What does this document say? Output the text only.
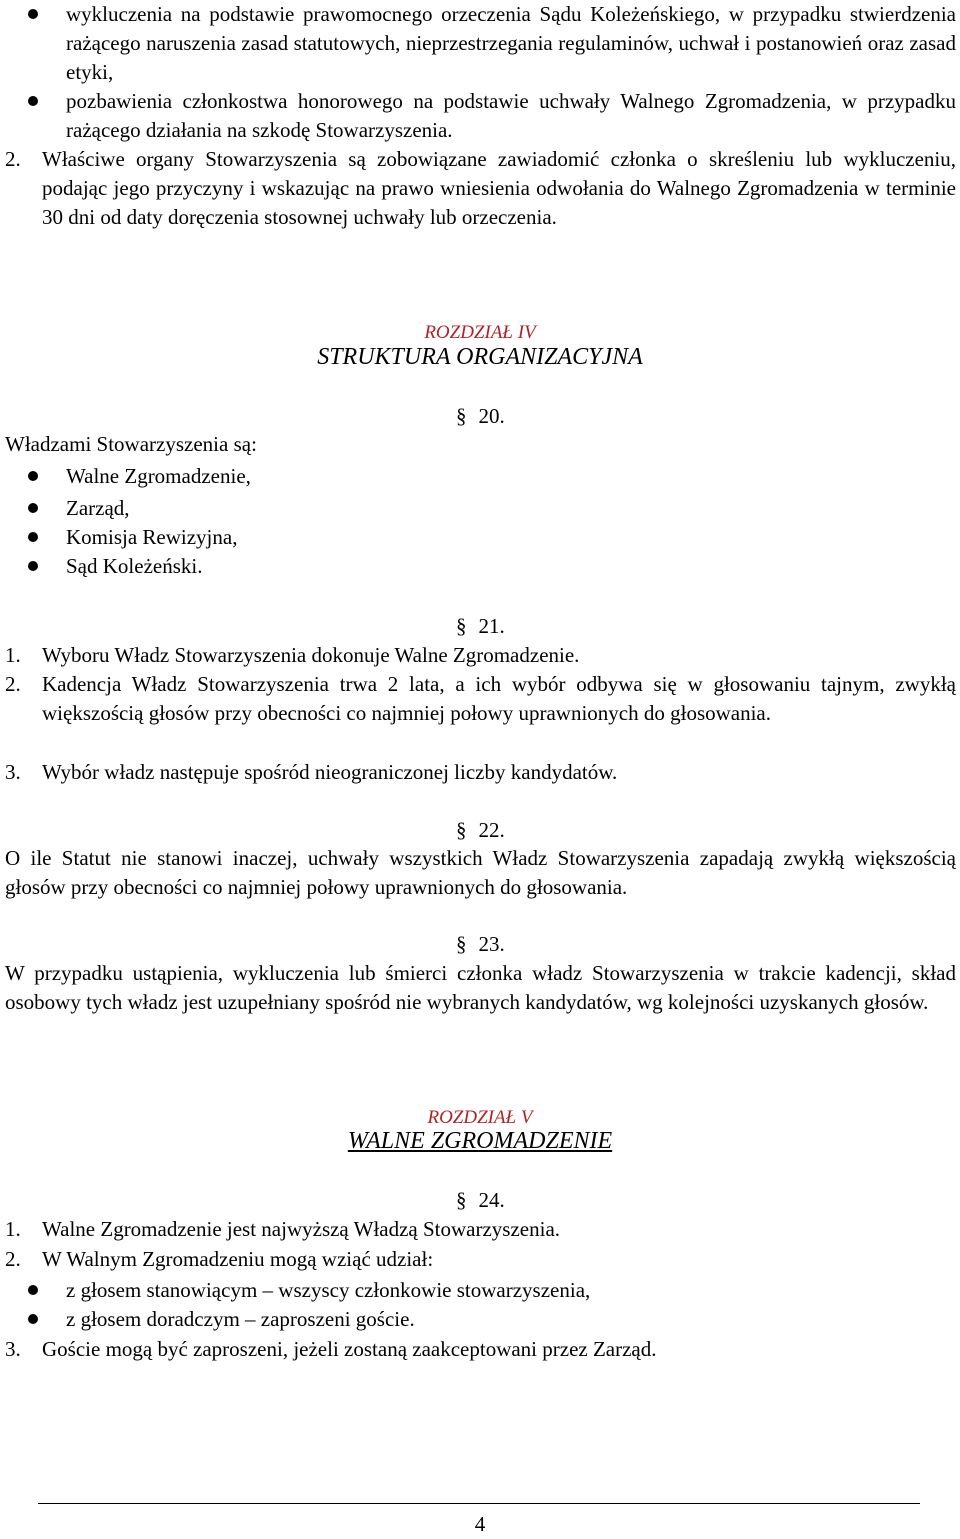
wykluczenia na podstawie prawomocnego orzeczenia Sądu Koleżeńskiego, w przypadku stwierdzenia rażącego naruszenia zasad statutowych, nieprzestrzegania regulaminów, uchwał i postanowień oraz zasad etyki,
pozbawienia członkostwa honorowego na podstawie uchwały Walnego Zgromadzenia, w przypadku rażącego działania na szkodę Stowarzyszenia.
2. Właściwe organy Stowarzyszenia są zobowiązane zawiadomić członka o skreśleniu lub wykluczeniu, podając jego przyczyny i wskazując na prawo wniesienia odwołania do Walnego Zgromadzenia w terminie 30 dni od daty doręczenia stosownej uchwały lub orzeczenia.
ROZDZIAŁ IV
STRUKTURA ORGANIZACYJNA
§ 20.
Władzami Stowarzyszenia są:
Walne Zgromadzenie,
Zarząd,
Komisja Rewizyjna,
Sąd Koleżeński.
§ 21.
1. Wyboru Władz Stowarzyszenia dokonuje Walne Zgromadzenie.
2. Kadencja Władz Stowarzyszenia trwa 2 lata, a ich wybór odbywa się w głosowaniu tajnym, zwykłą większością głosów przy obecności co najmniej połowy uprawnionych do głosowania.
3. Wybór władz następuje spośród nieograniczonej liczby kandydatów.
§ 22.
O ile Statut nie stanowi inaczej, uchwały wszystkich Władz Stowarzyszenia zapadają zwykłą większością głosów przy obecności co najmniej połowy uprawnionych do głosowania.
§ 23.
W przypadku ustąpienia, wykluczenia lub śmierci członka władz Stowarzyszenia w trakcie kadencji, skład osobowy tych władz jest uzupełniany spośród nie wybranych kandydatów, wg kolejności uzyskanych głosów.
ROZDZIAŁ V
WALNE ZGROMADZENIE
§ 24.
1. Walne Zgromadzenie jest najwyższą Władzą Stowarzyszenia.
2. W Walnym Zgromadzeniu mogą wziąć udział:
z głosem stanowiącym – wszyscy członkowie stowarzyszenia,
z głosem doradczym – zaproszeni goście.
3. Goście mogą być zaproszeni, jeżeli zostaną zaakceptowani przez Zarząd.
4
